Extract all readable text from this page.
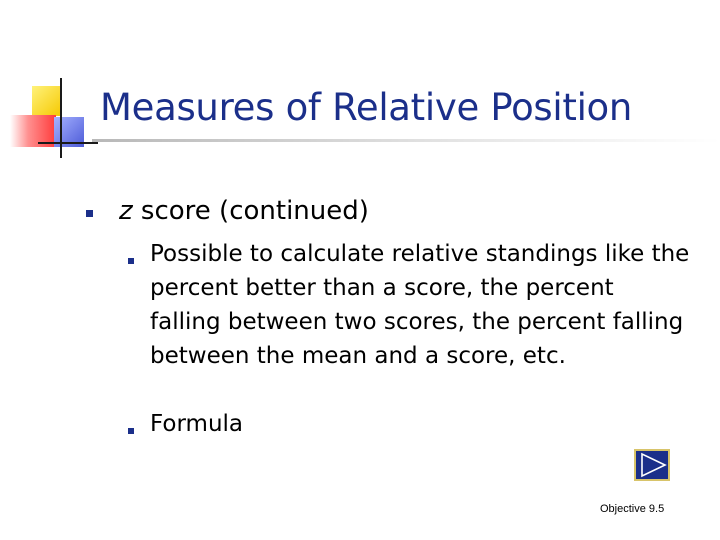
Measures of Relative Position
z score (continued)
Possible to calculate relative standings like the percent better than a score, the percent falling between two scores, the percent falling between the mean and a score, etc.
Formula
Objective 9.5
